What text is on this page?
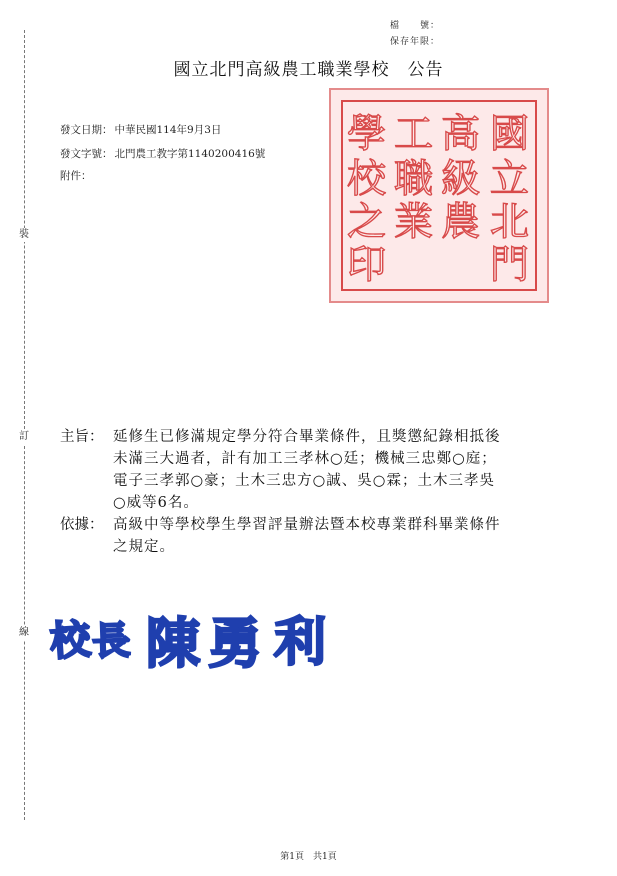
裝
訂
線
檔　　號：
保存年限：
國立北門高級農工職業學校　公告
發文日期： 中華民國114年9月3日
發文字號： 北門農工教字第1140200416號
附件：
國
立
北
門
高
級
農
工
職
業
學
校
之
印
主旨： 延修生已修滿規定學分符合畢業條件，且獎懲紀錄相抵後
未滿三大過者，計有加工三孝林○廷；機械三忠鄭○庭；
電子三孝郭○豪；土木三忠方○誠、吳○霖；土木三孝吳
○威等6名。
依據： 高級中等學校學生學習評量辦法暨本校專業群科畢業條件
之規定。
校 長 陳 勇 利
第1頁　共1頁
